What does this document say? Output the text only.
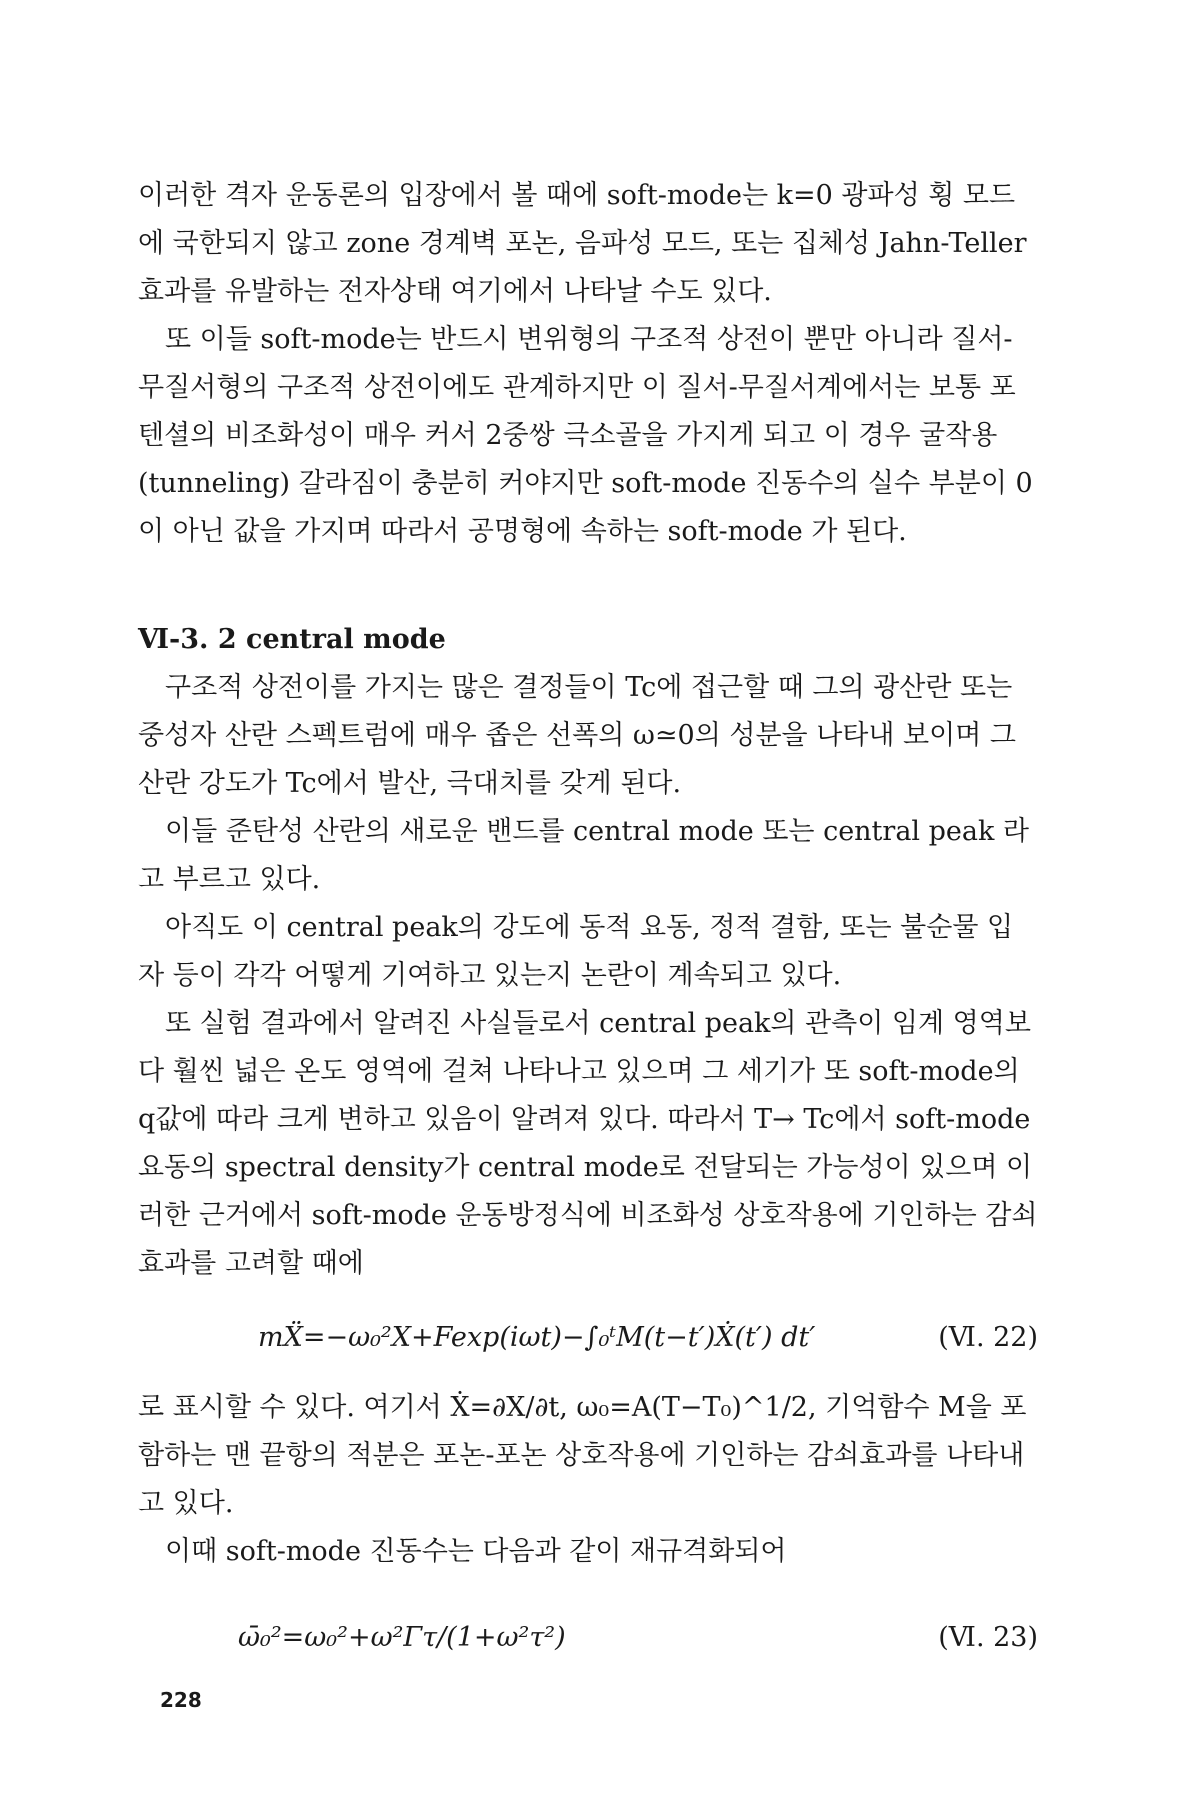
이러한 격자 운동론의 입장에서 볼 때에 soft-mode는 k=0 광파성 횡 모드에 국한되지 않고 zone 경계벽 포논, 음파성 모드, 또는 집체성 Jahn-Teller 효과를 유발하는 전자상태 여기에서 나타날 수도 있다.

또 이들 soft-mode는 반드시 변위형의 구조적 상전이 뿐만 아니라 질서-무질서형의 구조적 상전이에도 관계하지만 이 질서-무질서계에서는 보통 포텐셜의 비조화성이 매우 커서 2중쌍 극소골을 가지게 되고 이 경우 굴작용(tunneling) 갈라짐이 충분히 커야지만 soft-mode 진동수의 실수 부분이 0이 아닌 값을 가지며 따라서 공명형에 속하는 soft-mode 가 된다.

Ⅵ-3. 2 central mode

구조적 상전이를 가지는 많은 결정들이 Tc에 접근할 때 그의 광산란 또는 중성자 산란 스펙트럼에 매우 좁은 선폭의 ω≃0의 성분을 나타내 보이며 그 산란 강도가 Tc에서 발산, 극대치를 갖게 된다.

이들 준탄성 산란의 새로운 밴드를 central mode 또는 central peak 라고 부르고 있다.

아직도 이 central peak의 강도에 동적 요동, 정적 결함, 또는 불순물 입자 등이 각각 어떻게 기여하고 있는지 논란이 계속되고 있다.

또 실험 결과에서 알려진 사실들로서 central peak의 관측이 임계 영역보다 훨씬 넓은 온도 영역에 걸쳐 나타나고 있으며 그 세기가 또 soft-mode의 q값에 따라 크게 변하고 있음이 알려져 있다. 따라서 T→ Tc에서 soft-mode 요동의 spectral density가 central mode로 전달되는 가능성이 있으며 이러한 근거에서 soft-mode 운동방정식에 비조화성 상호작용에 기인하는 감쇠효과를 고려할 때에

mẌ=−ω₀²X+Fexp(iωt)−∫₀ᵗM(t−t′)Ẋ(t′) dt′	(Ⅵ. 22)

로 표시할 수 있다. 여기서 Ẋ=∂X/∂t, ω₀=A(T−T₀)^1/2, 기억함수 M을 포함하는 맨 끝항의 적분은 포논-포논 상호작용에 기인하는 감쇠효과를 나타내고 있다.

이때 soft-mode 진동수는 다음과 같이 재규격화되어

ω̄₀²=ω₀²+ω²Γτ/(1+ω²τ²)	(Ⅵ. 23)
228
